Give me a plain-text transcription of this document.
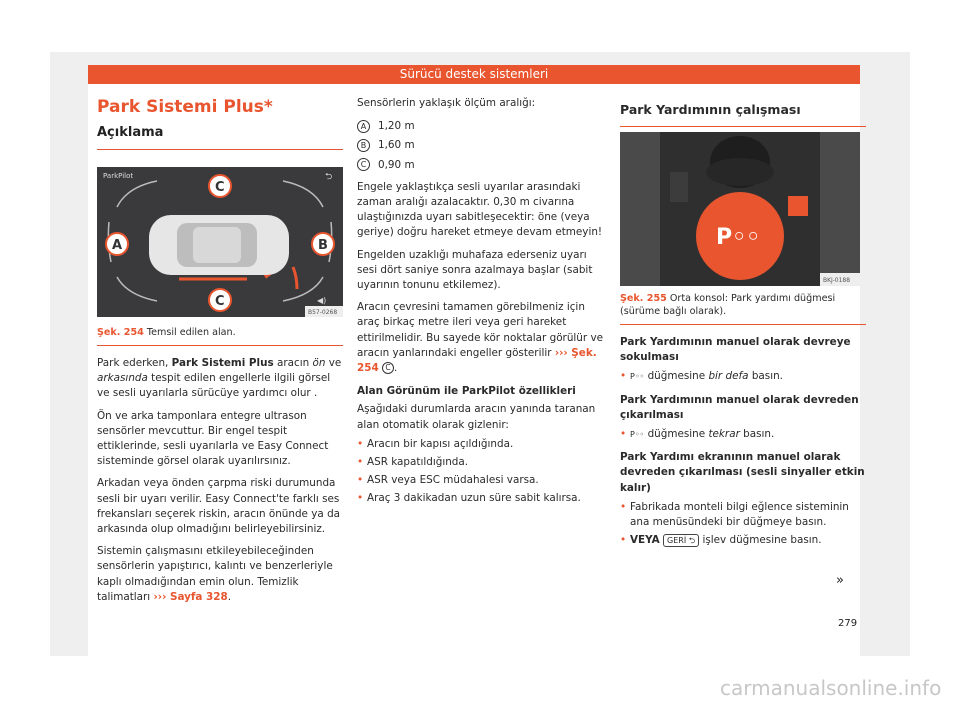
Sürücü destek sistemleri
Park Sistemi Plus*
Açıklama
ParkPilot	⮌
C
A	B
C	◀)
B57-0268

Şek. 254 Temsil edilen alan.

Park ederken, Park Sistemi Plus aracın ön ve arkasında tespit edilen engellerle ilgili görsel ve sesli uyarılarla sürücüye yardımcı olur .

Ön ve arka tamponlara entegre ultrason sensörler mevcuttur. Bir engel tespit ettiklerinde, sesli uyarılarla ve Easy Connect sisteminde görsel olarak uyarılırsınız.

Arkadan veya önden çarpma riski durumunda sesli bir uyarı verilir. Easy Connect'te farklı ses frekansları seçerek riskin, aracın önünde ya da arkasında olup olmadığını belirleyebilirsiniz.

Sistemin çalışmasını etkileyebileceğinden sensörlerin yapıştırıcı, kalıntı ve benzerleriyle kaplı olmadığından emin olun. Temizlik talimatları ››› Sayfa 328.

Sensörlerin yaklaşık ölçüm aralığı:

A 1,20 m
B 1,60 m
C 0,90 m

Engele yaklaştıkça sesli uyarılar arasındaki zaman aralığı azalacaktır. 0,30 m civarına ulaştığınızda uyarı sabitleşecektir: öne (veya geriye) doğru hareket etmeye devam etmeyin!

Engelden uzaklığı muhafaza ederseniz uyarı sesi dört saniye sonra azalmaya başlar (sabit uyarının tonunu etkilemez).

Aracın çevresini tamamen görebilmeniz için araç birkaç metre ileri veya geri hareket ettirilmelidir. Bu sayede kör noktalar görülür ve aracın yanlarındaki engeller gösterilir ››› Şek. 254 C .

Alan Görünüm ile ParkPilot özellikleri

Aşağıdaki durumlarda aracın yanında taranan alan otomatik olarak gizlenir:

• Aracın bir kapısı açıldığında.
• ASR kapatıldığında.
• ASR veya ESC müdahalesi varsa.
• Araç 3 dakikadan uzun süre sabit kalırsa.
Park Yardımının çalışması
P◦◦
BKJ-0188

Şek. 255 Orta konsol: Park yardımı düğmesi (sürüme bağlı olarak).

Park Yardımının manuel olarak devreye sokulması

• P◦◦ düğmesine bir defa basın.

Park Yardımının manuel olarak devreden çıkarılması

• P◦◦ düğmesine tekrar basın.

Park Yardımı ekranının manuel olarak devreden çıkarılması (sesli sinyaller etkin kalır)

• Fabrikada monteli bilgi eğlence sisteminin ana menüsündeki bir düğmeye basın.
• VEYA GERİ ⮌ işlev düğmesine basın.
»
279
carmanualsonline.info
